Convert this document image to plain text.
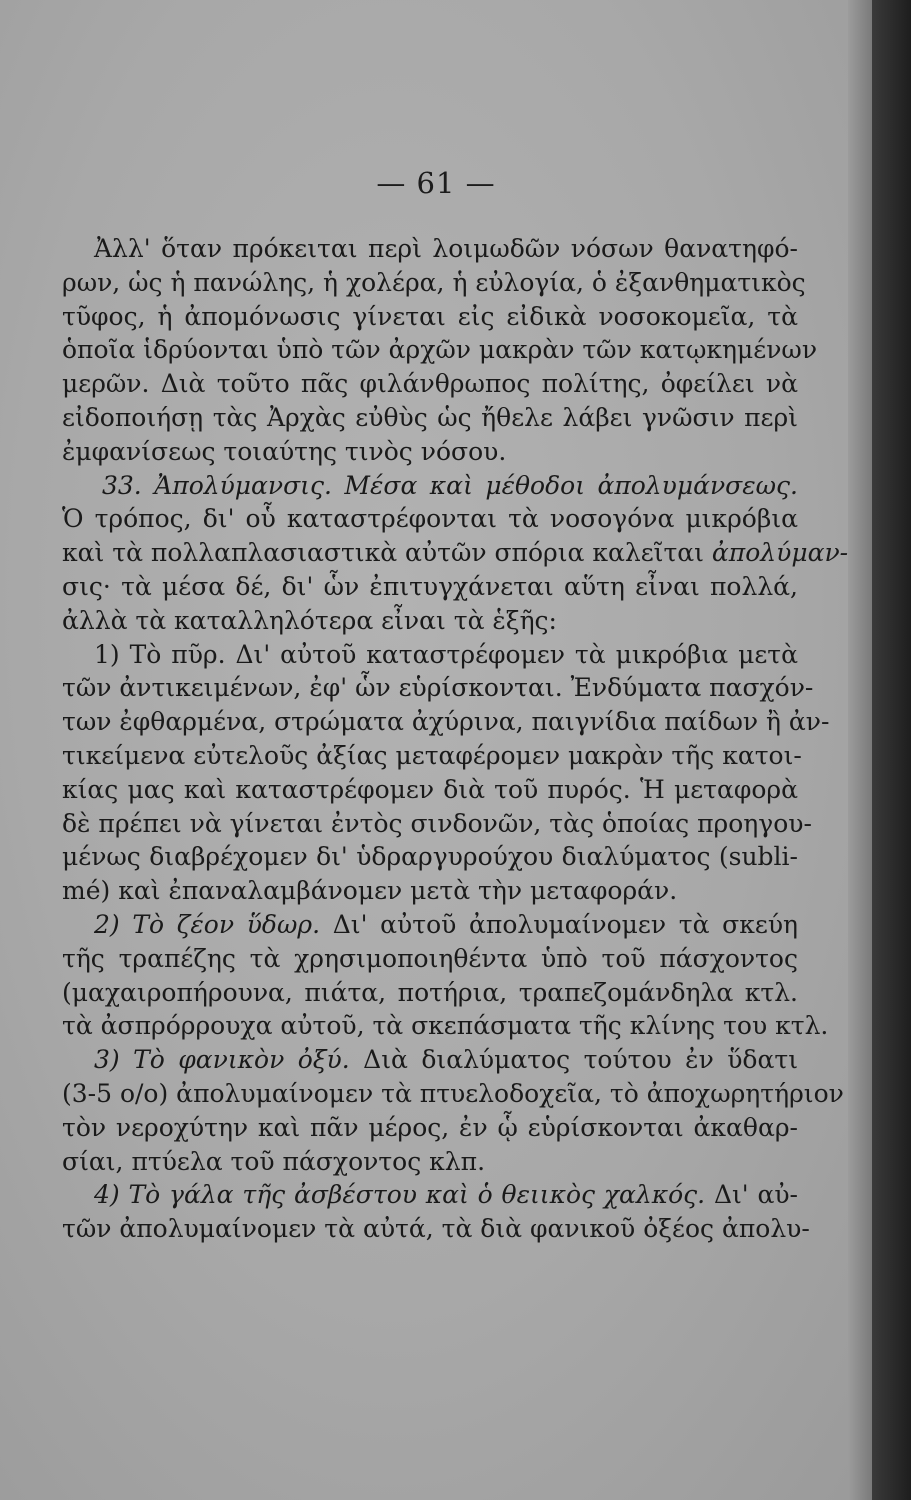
— 61 —
Ἀλλ' ὅταν πρόκειται περὶ λοιμωδῶν νόσων θανατηφό-
ρων, ὡς ἡ πανώλης, ἡ χολέρα, ἡ εὐλογία, ὁ ἐξανθηματικὸς
τῦφος, ἡ ἀπομόνωσις γίνεται εἰς εἰδικὰ νοσοκομεῖα, τὰ
ὁποῖα ἱδρύονται ὑπὸ τῶν ἀρχῶν μακρὰν τῶν κατῳκημένων
μερῶν. Διὰ τοῦτο πᾶς φιλάνθρωπος πολίτης, ὀφείλει νὰ
εἰδοποιήσῃ τὰς Ἀρχὰς εὐθὺς ὡς ἤθελε λάβει γνῶσιν περὶ
ἐμφανίσεως τοιαύτης τινὸς νόσου.
33. Ἀπολύμανσις. Μέσα καὶ μέθοδοι ἀπολυμάνσεως.
Ὁ τρόπος, δι' οὗ καταστρέφονται τὰ νοσογόνα μικρόβια
καὶ τὰ πολλαπλασιαστικὰ αὐτῶν σπόρια καλεῖται ἀπολύμαν-
σις· τὰ μέσα δέ, δι' ὧν ἐπιτυγχάνεται αὕτη εἶναι πολλά,
ἀλλὰ τὰ καταλληλότερα εἶναι τὰ ἑξῆς:
1) Τὸ πῦρ. Δι' αὐτοῦ καταστρέφομεν τὰ μικρόβια μετὰ
τῶν ἀντικειμένων, ἐφ' ὧν εὑρίσκονται. Ἐνδύματα πασχόν-
των ἐφθαρμένα, στρώματα ἀχύρινα, παιγνίδια παίδων ἢ ἀν-
τικείμενα εὐτελοῦς ἀξίας μεταφέρομεν μακρὰν τῆς κατοι-
κίας μας καὶ καταστρέφομεν διὰ τοῦ πυρός. Ἡ μεταφορὰ
δὲ πρέπει νὰ γίνεται ἐντὸς σινδονῶν, τὰς ὁποίας προηγου-
μένως διαβρέχομεν δι' ὑδραργυρούχου διαλύματος (subli-
mé) καὶ ἐπαναλαμβάνομεν μετὰ τὴν μεταφοράν.
2) Τὸ ζέον ὕδωρ. Δι' αὐτοῦ ἀπολυμαίνομεν τὰ σκεύη
τῆς τραπέζης τὰ χρησιμοποιηθέντα ὑπὸ τοῦ πάσχοντος
(μαχαιροπήρουνα, πιάτα, ποτήρια, τραπεζομάνδηλα κτλ.
τὰ ἀσπρόρρουχα αὐτοῦ, τὰ σκεπάσματα τῆς κλίνης του κτλ.
3) Τὸ φανικὸν ὀξύ. Διὰ διαλύματος τούτου ἐν ὕδατι
(3-5 o/o) ἀπολυμαίνομεν τὰ πτυελοδοχεῖα, τὸ ἀποχωρητήριον
τὸν νεροχύτην καὶ πᾶν μέρος, ἐν ᾧ εὑρίσκονται ἀκαθαρ-
σίαι, πτύελα τοῦ πάσχοντος κλπ.
4) Τὸ γάλα τῆς ἀσβέστου καὶ ὁ θειικὸς χαλκός. Δι' αὐ-
τῶν ἀπολυμαίνομεν τὰ αὐτά, τὰ διὰ φανικοῦ ὀξέος ἀπολυ-
